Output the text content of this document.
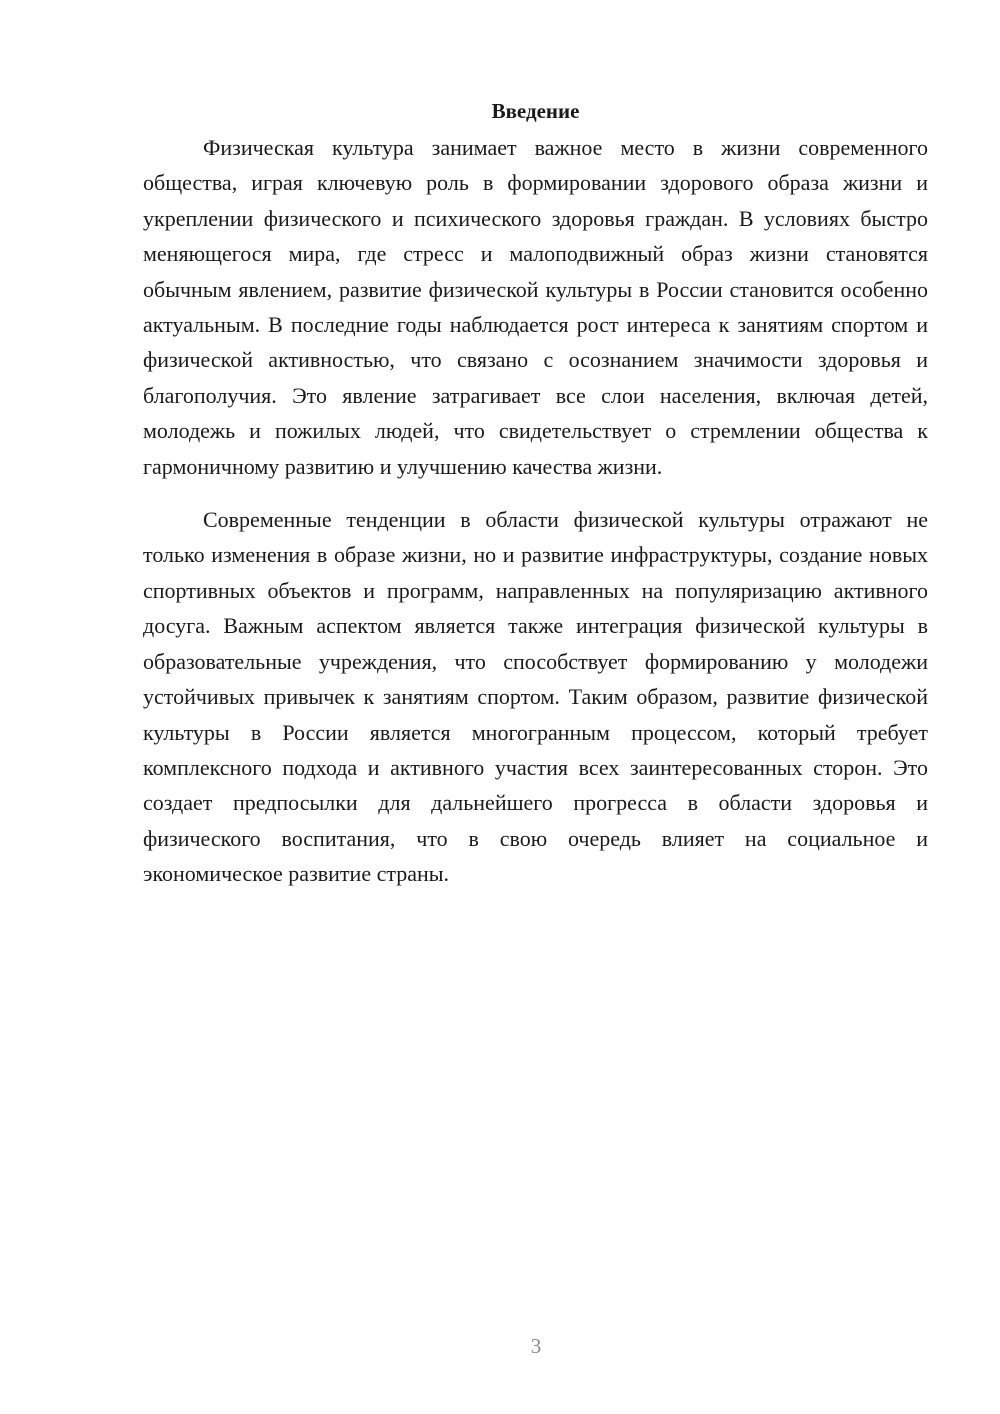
Введение

Физическая культура занимает важное место в жизни современного общества, играя ключевую роль в формировании здорового образа жизни и укреплении физического и психического здоровья граждан. В условиях быстро меняющегося мира, где стресс и малоподвижный образ жизни становятся обычным явлением, развитие физической культуры в России становится особенно актуальным. В последние годы наблюдается рост интереса к занятиям спортом и физической активностью, что связано с осознанием значимости здоровья и благополучия. Это явление затрагивает все слои населения, включая детей, молодежь и пожилых людей, что свидетельствует о стремлении общества к гармоничному развитию и улучшению качества жизни.

Современные тенденции в области физической культуры отражают не только изменения в образе жизни, но и развитие инфраструктуры, создание новых спортивных объектов и программ, направленных на популяризацию активного досуга. Важным аспектом является также интеграция физической культуры в образовательные учреждения, что способствует формированию у молодежи устойчивых привычек к занятиям спортом. Таким образом, развитие физической культуры в России является многогранным процессом, который требует комплексного подхода и активного участия всех заинтересованных сторон. Это создает предпосылки для дальнейшего прогресса в области здоровья и физического воспитания, что в свою очередь влияет на социальное и экономическое развитие страны.

3
